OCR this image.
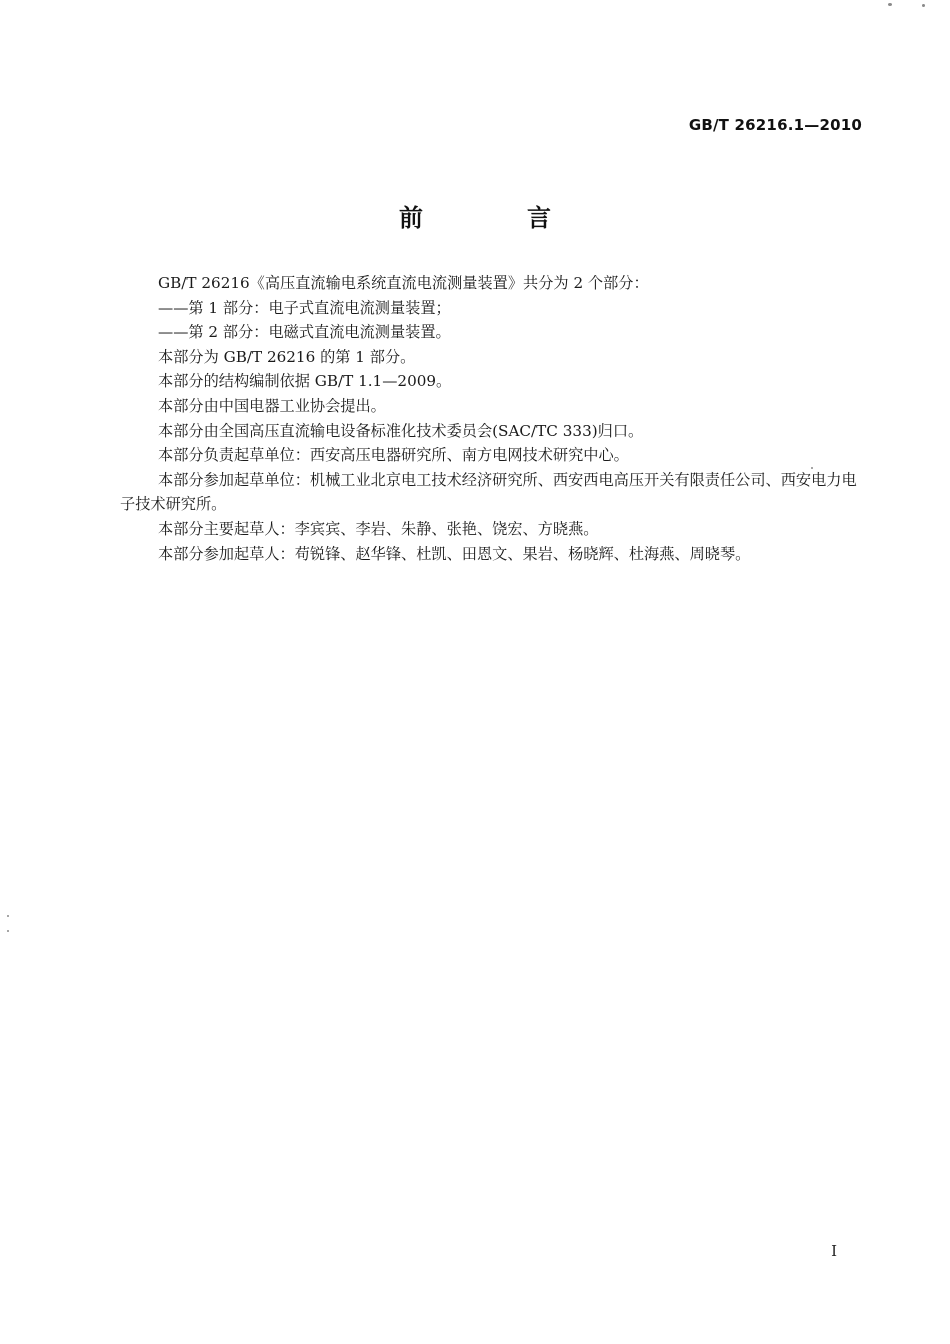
GB/T 26216.1—2010
前　言

GB/T 26216《高压直流输电系统直流电流测量装置》共分为 2 个部分：

——第 1 部分：电子式直流电流测量装置；

——第 2 部分：电磁式直流电流测量装置。

本部分为 GB/T 26216 的第 1 部分。

本部分的结构编制依据 GB/T 1.1—2009。

本部分由中国电器工业协会提出。

本部分由全国高压直流输电设备标准化技术委员会(SAC/TC 333)归口。

本部分负责起草单位：西安高压电器研究所、南方电网技术研究中心。

本部分参加起草单位：机械工业北京电工技术经济研究所、西安西电高压开关有限责任公司、西安电力电子技术研究所。

本部分主要起草人：李宾宾、李岩、朱静、张艳、饶宏、方晓燕。

本部分参加起草人：苟锐锋、赵华锋、杜凯、田恩文、果岩、杨晓辉、杜海燕、周晓琴。

I
